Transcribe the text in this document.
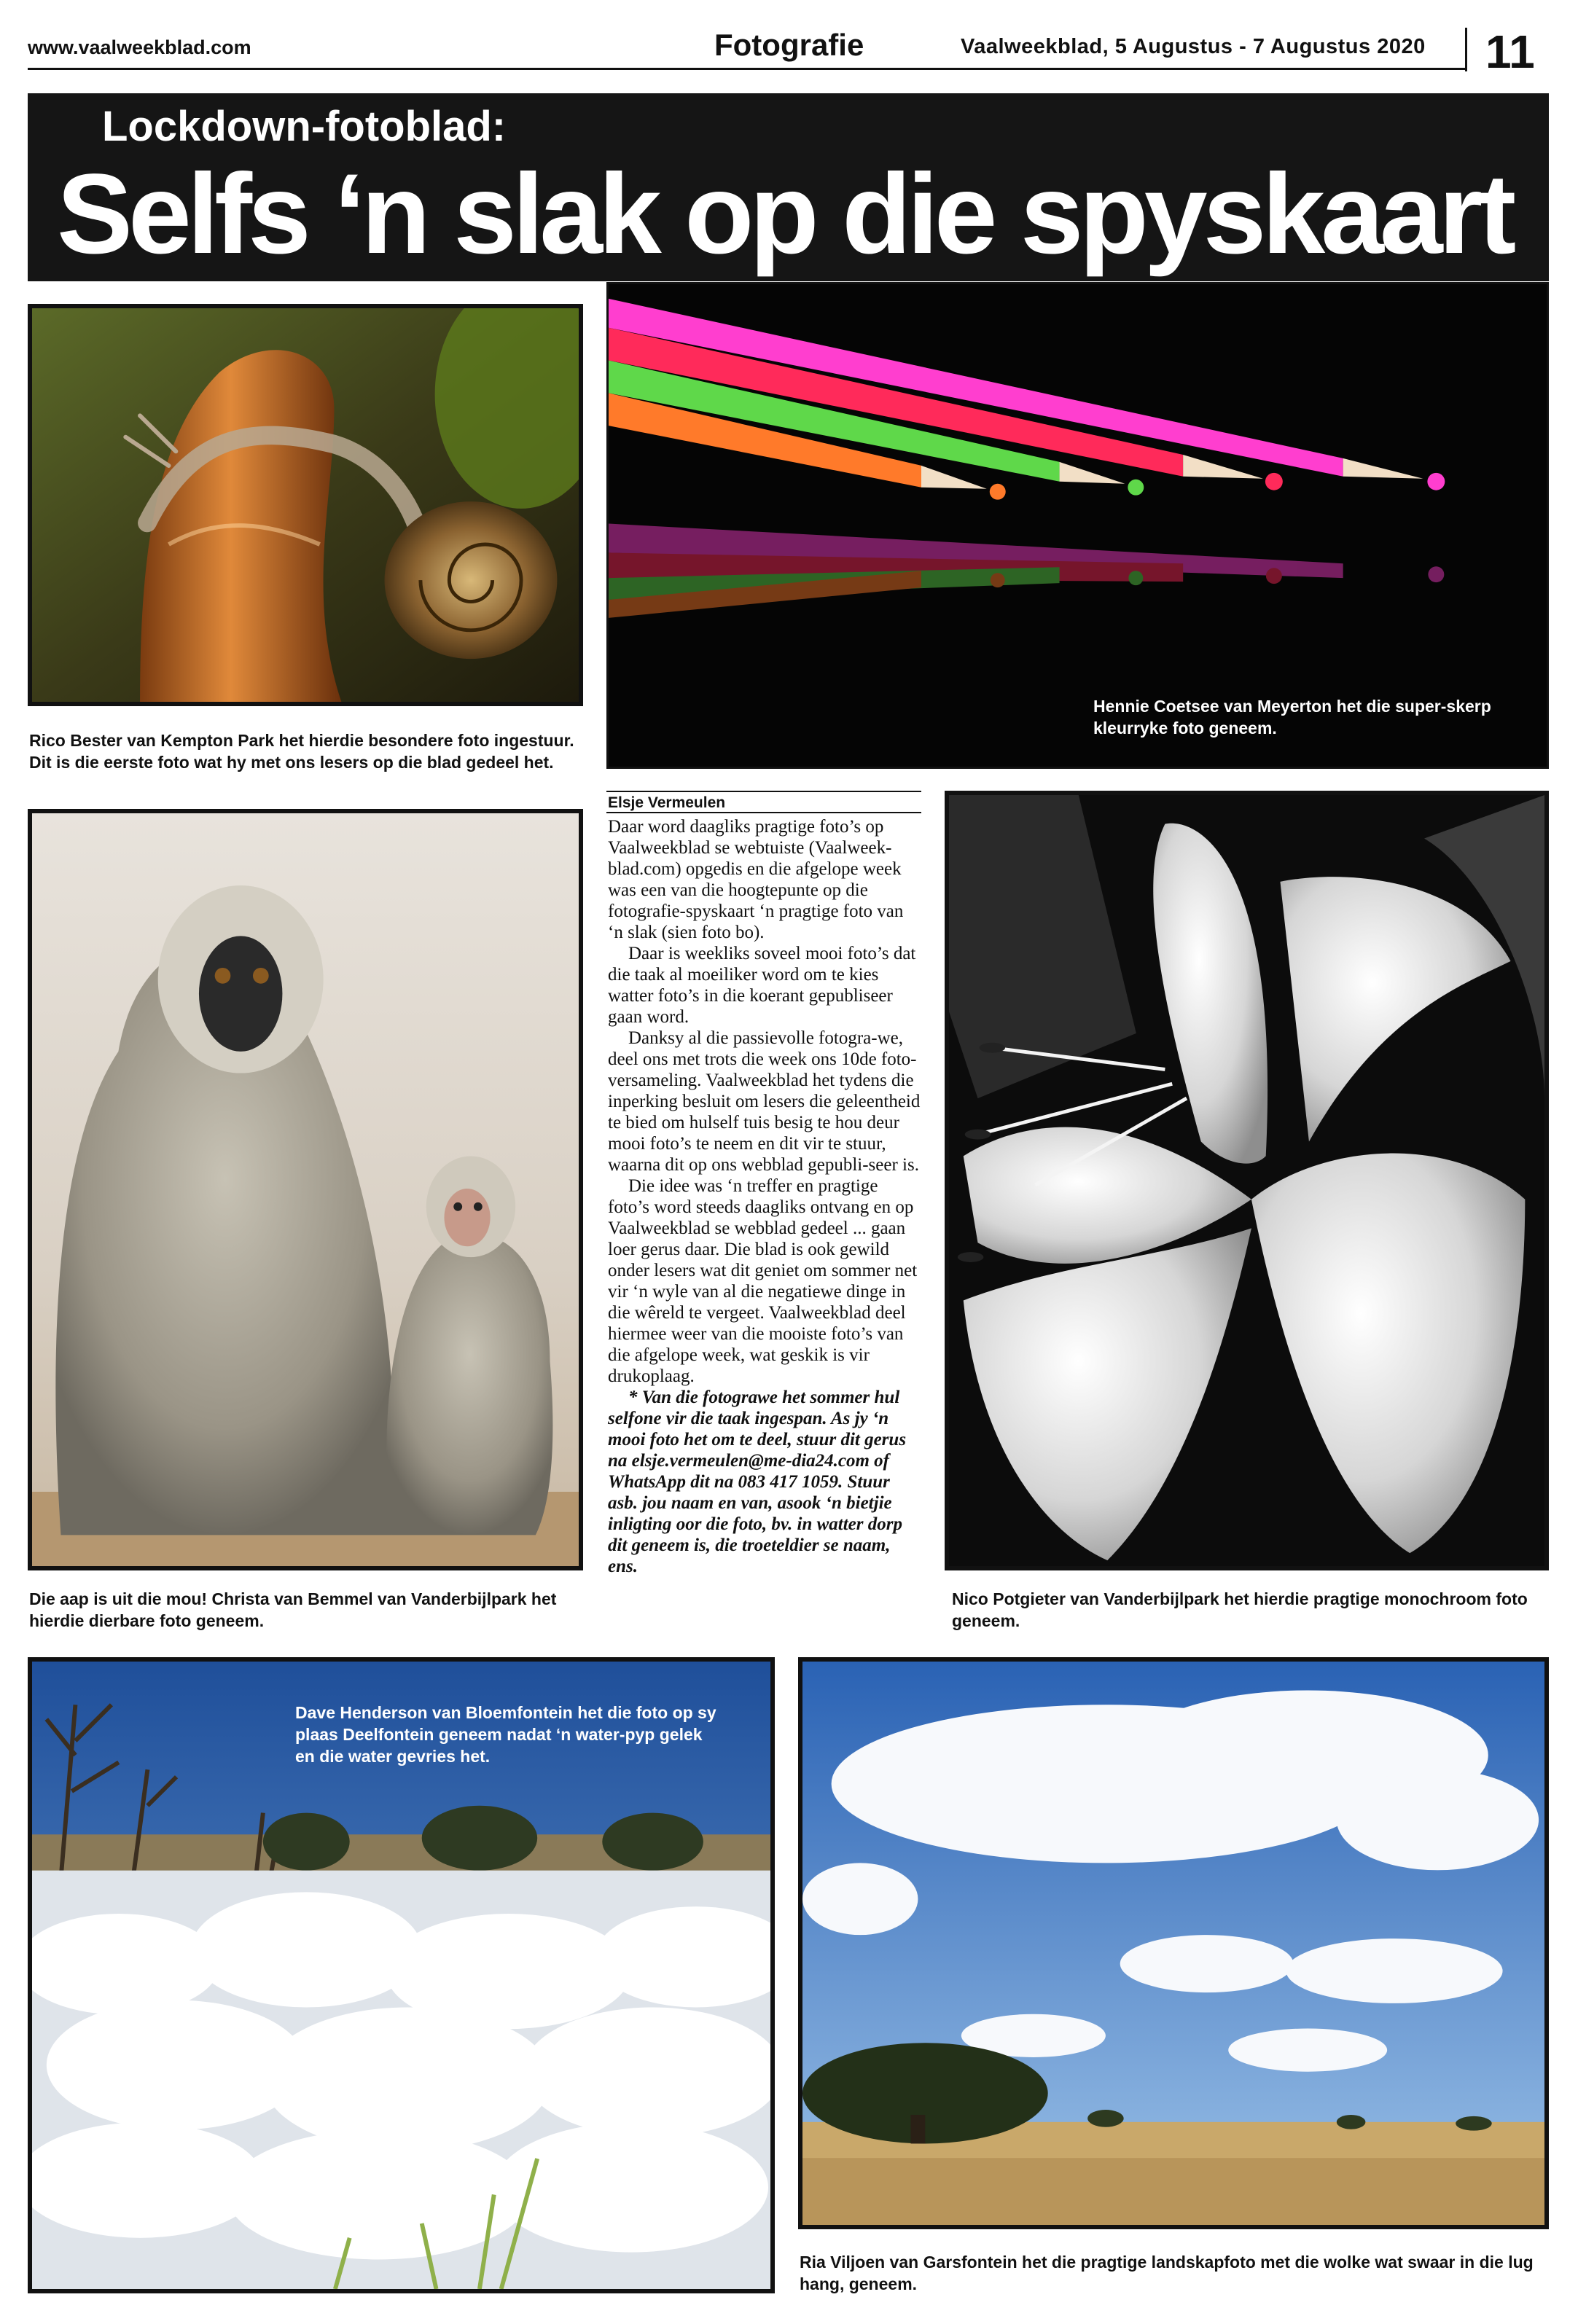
www.vaalweekblad.com	Fotografie	Vaalweekblad, 5 Augustus - 7 Augustus 2020 11
Lockdown-fotoblad:
Selfs ‘n slak op die spyskaart
Rico Bester van Kempton Park het hierdie besondere foto ingestuur. Dit is die eerste foto wat hy met ons lesers op die blad gedeel het.
Hennie Coetsee van Meyerton het die super-skerp kleurryke foto geneem.
Die aap is uit die mou! Christa van Bemmel van Vanderbijlpark het hierdie dierbare foto geneem.
Elsje Vermeulen

Daar word daagliks pragtige foto’s op Vaalweekblad se webtuiste (Vaalweek-blad.com) opgedis en die afgelope week was een van die hoogtepunte op die fotografie-spyskaart ‘n pragtige foto van ‘n slak (sien foto bo).

Daar is weekliks soveel mooi foto’s dat die taak al moeiliker word om te kies watter foto’s in die koerant gepubliseer gaan word.

Danksy al die passievolle fotogra-we, deel ons met trots die week ons 10de foto-versameling. Vaalweekblad het tydens die inperking besluit om lesers die geleentheid te bied om hulself tuis besig te hou deur mooi foto’s te neem en dit vir te stuur, waarna dit op ons webblad gepubli-seer is.

Die idee was ‘n treffer en pragtige foto’s word steeds daagliks ontvang en op Vaalweekblad se webblad gedeel ... gaan loer gerus daar. Die blad is ook gewild onder lesers wat dit geniet om sommer net vir ‘n wyle van al die negatiewe dinge in die wêreld te vergeet. Vaalweekblad deel hiermee weer van die mooiste foto’s van die afgelope week, wat geskik is vir drukoplaag.

* Van die fotograwe het sommer hul selfone vir die taak ingespan. As jy ‘n mooi foto het om te deel, stuur dit gerus na elsje.vermeulen@me-dia24.com of WhatsApp dit na 083 417 1059. Stuur asb. jou naam en van, asook ‘n bietjie inligting oor die foto, bv. in watter dorp dit geneem is, die troeteldier se naam, ens.

Nico Potgieter van Vanderbijlpark het hierdie pragtige monochroom foto geneem.
Dave Henderson van Bloemfontein het die foto op sy plaas Deelfontein geneem nadat ‘n water-pyp gelek en die water gevries het.
Ria Viljoen van Garsfontein het die pragtige landskapfoto met die wolke wat swaar in die lug hang, geneem.
